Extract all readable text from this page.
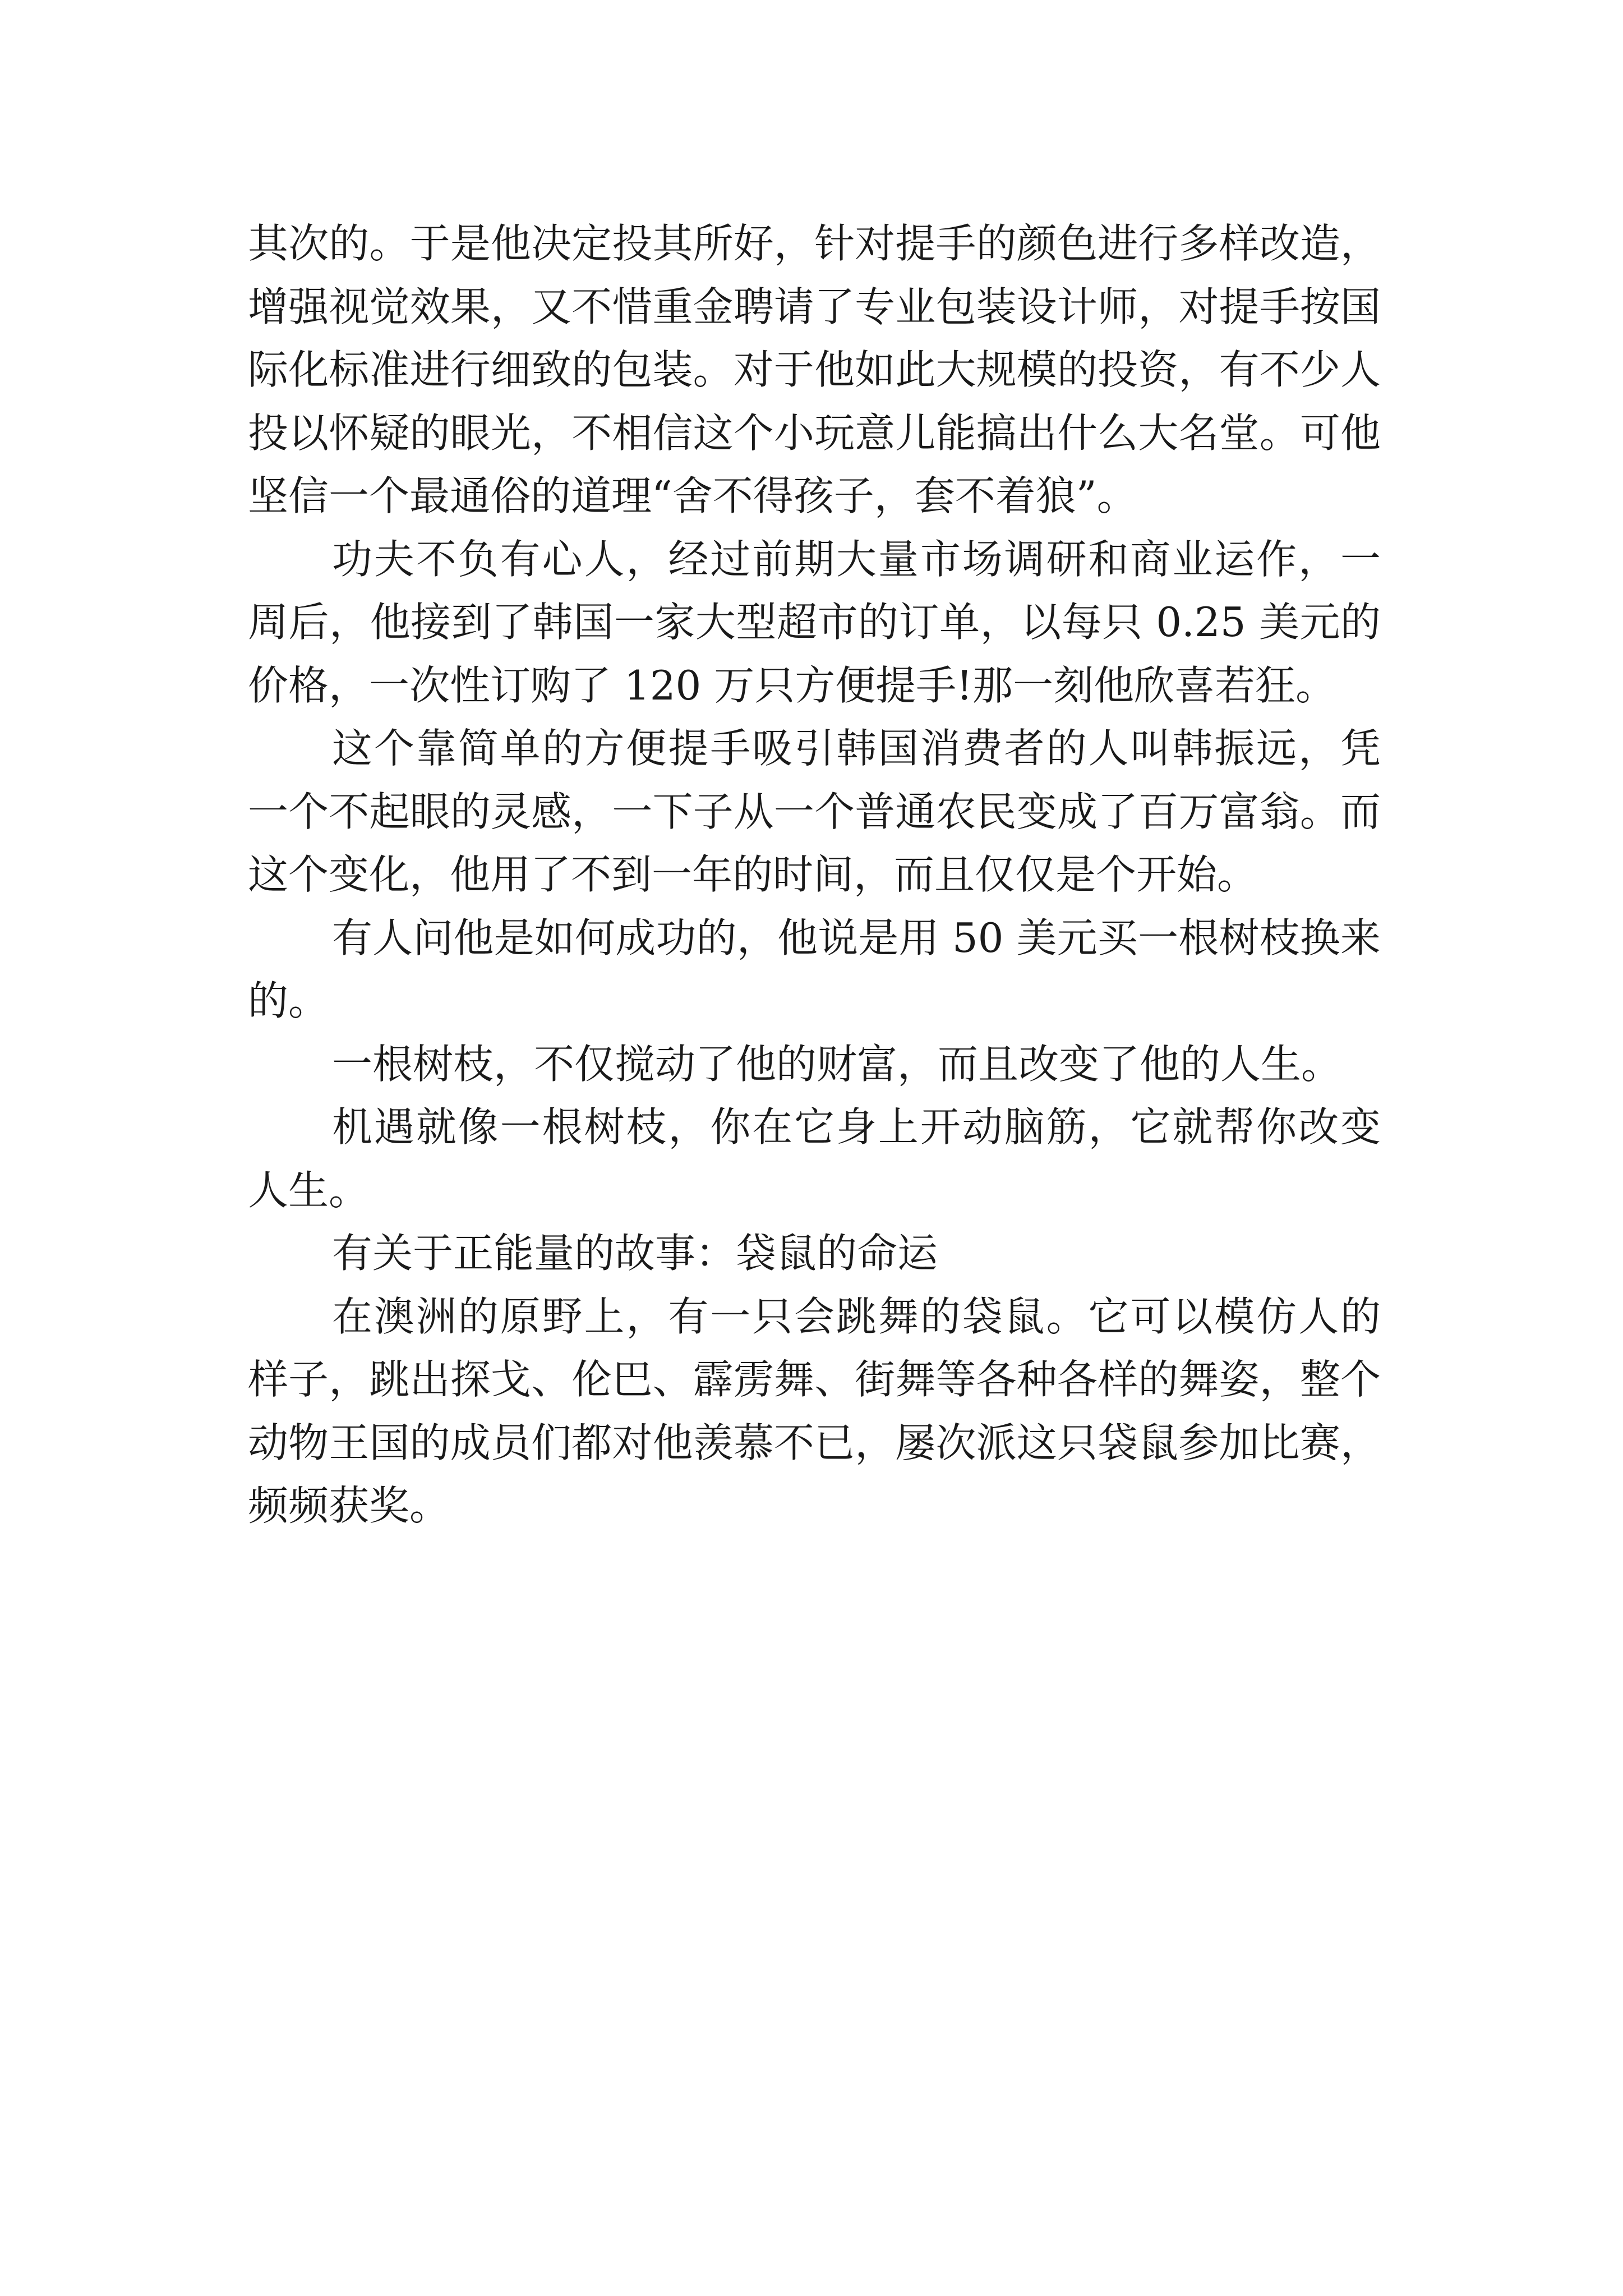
其次的。于是他决定投其所好，针对提手的颜色进行多样改造，增强视觉效果，又不惜重金聘请了专业包装设计师，对提手按国际化标准进行细致的包装。对于他如此大规模的投资，有不少人投以怀疑的眼光，不相信这个小玩意儿能搞出什么大名堂。可他坚信一个最通俗的道理“舍不得孩子，套不着狼”。

功夫不负有心人，经过前期大量市场调研和商业运作，一周后，他接到了韩国一家大型超市的订单，以每只 0.25 美元的价格，一次性订购了 120 万只方便提手!那一刻他欣喜若狂。

这个靠简单的方便提手吸引韩国消费者的人叫韩振远，凭一个不起眼的灵感，一下子从一个普通农民变成了百万富翁。而这个变化，他用了不到一年的时间，而且仅仅是个开始。

有人问他是如何成功的，他说是用 50 美元买一根树枝换来的。

一根树枝，不仅搅动了他的财富，而且改变了他的人生。

机遇就像一根树枝，你在它身上开动脑筋，它就帮你改变人生。

有关于正能量的故事：袋鼠的命运

在澳洲的原野上，有一只会跳舞的袋鼠。它可以模仿人的样子，跳出探戈、伦巴、霹雳舞、街舞等各种各样的舞姿，整个动物王国的成员们都对他羡慕不已，屡次派这只袋鼠参加比赛，频频获奖。
